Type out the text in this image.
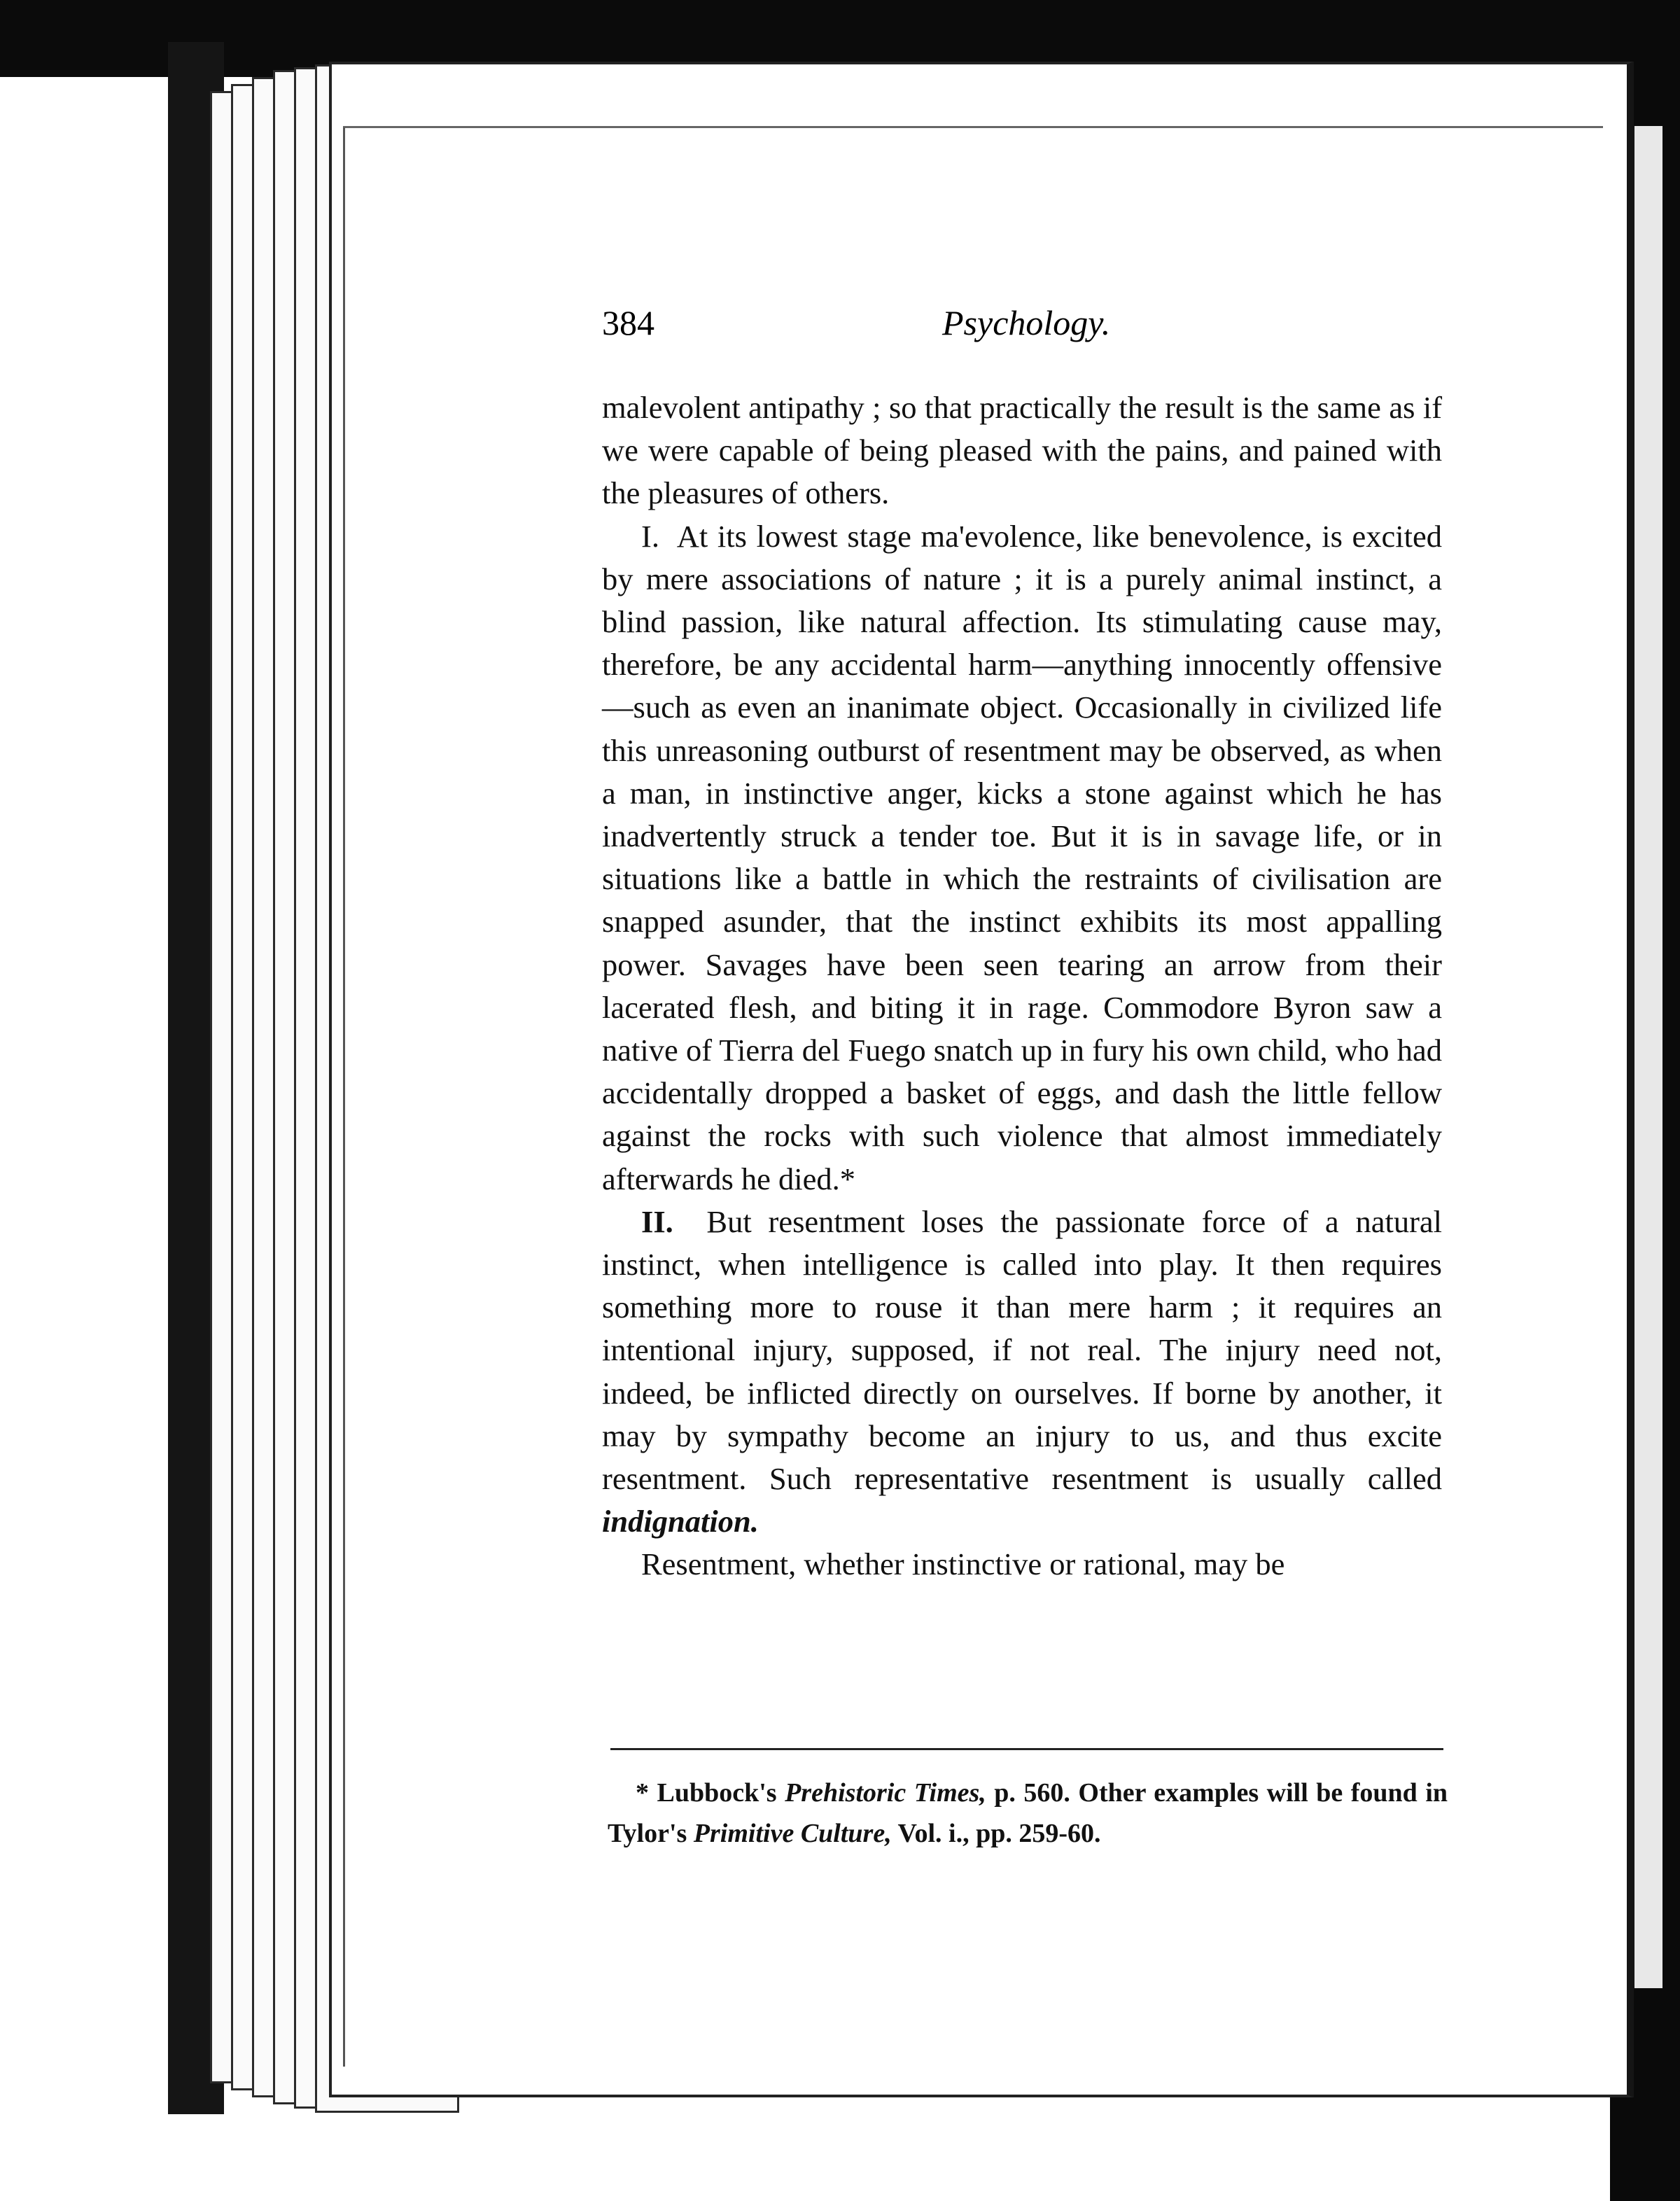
384	Psychology.

malevolent antipathy ; so that practically the result is the same as if we were capable of being pleased with the pains, and pained with the pleasures of others.

I. At its lowest stage ma'evolence, like benevolence, is excited by mere associations of nature ; it is a purely animal instinct, a blind passion, like natural affection. Its stimulating cause may, therefore, be any accidental harm—anything innocently offensive—such as even an inanimate object. Occasionally in civilized life this unreasoning outburst of resentment may be observed, as when a man, in instinctive anger, kicks a stone against which he has inadvertently struck a tender toe. But it is in savage life, or in situations like a battle in which the restraints of civilisation are snapped asunder, that the instinct exhibits its most appalling power. Savages have been seen tearing an arrow from their lacerated flesh, and biting it in rage. Commodore Byron saw a native of Tierra del Fuego snatch up in fury his own child, who had accidentally dropped a basket of eggs, and dash the little fellow against the rocks with such violence that almost immediately afterwards he died.*

II. But resentment loses the passionate force of a natural instinct, when intelligence is called into play. It then requires something more to rouse it than mere harm ; it requires an intentional injury, supposed, if not real. The injury need not, indeed, be inflicted directly on ourselves. If borne by another, it may by sympathy become an injury to us, and thus excite resentment. Such representative resentment is usually called indignation.

Resentment, whether instinctive or rational, may be

* Lubbock's Prehistoric Times, p. 560. Other examples will be found in Tylor's Primitive Culture, Vol. i., pp. 259-60.
